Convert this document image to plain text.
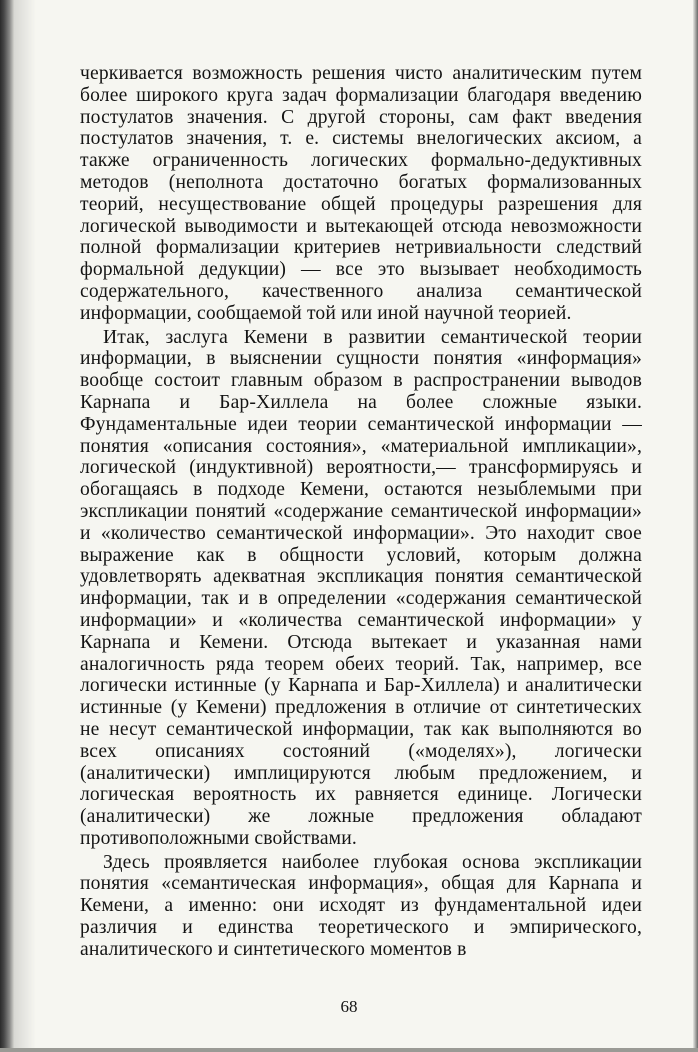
черкивается возможность решения чисто аналитическим путем более широкого круга задач формализации благодаря введению постулатов значения. С другой стороны, сам факт введения постулатов значения, т. е. системы внелогических аксиом, а также ограниченность логических формально-дедуктивных методов (неполнота достаточно богатых формализованных теорий, несуществование общей процедуры разрешения для логической выводимости и вытекающей отсюда невозможности полной формализации критериев нетривиальности следствий формальной дедукции) — все это вызывает необходимость содержательного, качественного анализа семантической информации, сообщаемой той или иной научной теорией.

Итак, заслуга Кемени в развитии семантической теории информации, в выяснении сущности понятия «информация» вообще состоит главным образом в распространении выводов Карнапа и Бар-Хиллела на более сложные языки. Фундаментальные идеи теории семантической информации — понятия «описания состояния», «материальной импликации», логической (индуктивной) вероятности,— трансформируясь и обогащаясь в подходе Кемени, остаются незыблемыми при экспликации понятий «содержание семантической информации» и «количество семантической информации». Это находит свое выражение как в общности условий, которым должна удовлетворять адекватная экспликация понятия семантической информации, так и в определении «содержания семантической информации» и «количества семантической информации» у Карнапа и Кемени. Отсюда вытекает и указанная нами аналогичность ряда теорем обеих теорий. Так, например, все логически истинные (у Карнапа и Бар-Хиллела) и аналитически истинные (у Кемени) предложения в отличие от синтетических не несут семантической информации, так как выполняются во всех описаниях состояний («моделях»), логически (аналитически) имплицируются любым предложением, и логическая вероятность их равняется единице. Логически (аналитически) же ложные предложения обладают противоположными свойствами.

Здесь проявляется наиболее глубокая основа экспликации понятия «семантическая информация», общая для Карнапа и Кемени, а именно: они исходят из фундаментальной идеи различия и единства теоретического и эмпирического, аналитического и синтетического моментов в

68
